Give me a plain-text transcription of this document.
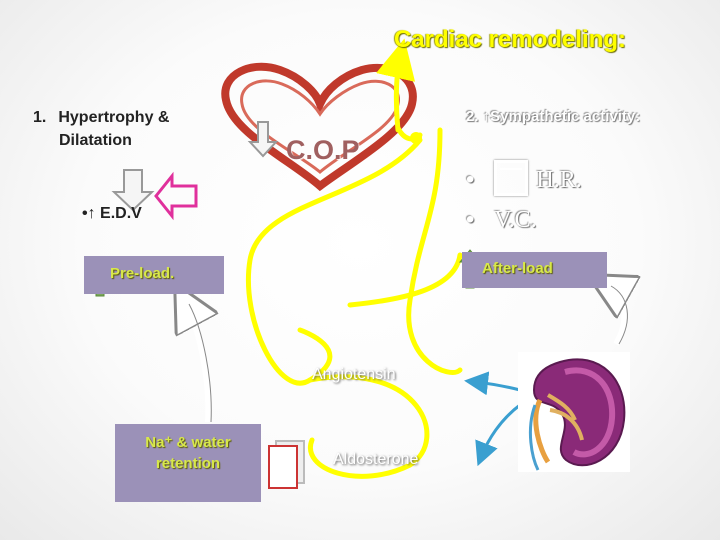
Cardiac remodeling:
1. Hypertrophy &
Dilatation
2. ↑Sympathetic activity:
•↑ E.D.V
C.O.P
•	H.R.
• V.C.
Pre-load.	After-load
Na⁺ & water
retention
Angiotensin
Aldosterone
